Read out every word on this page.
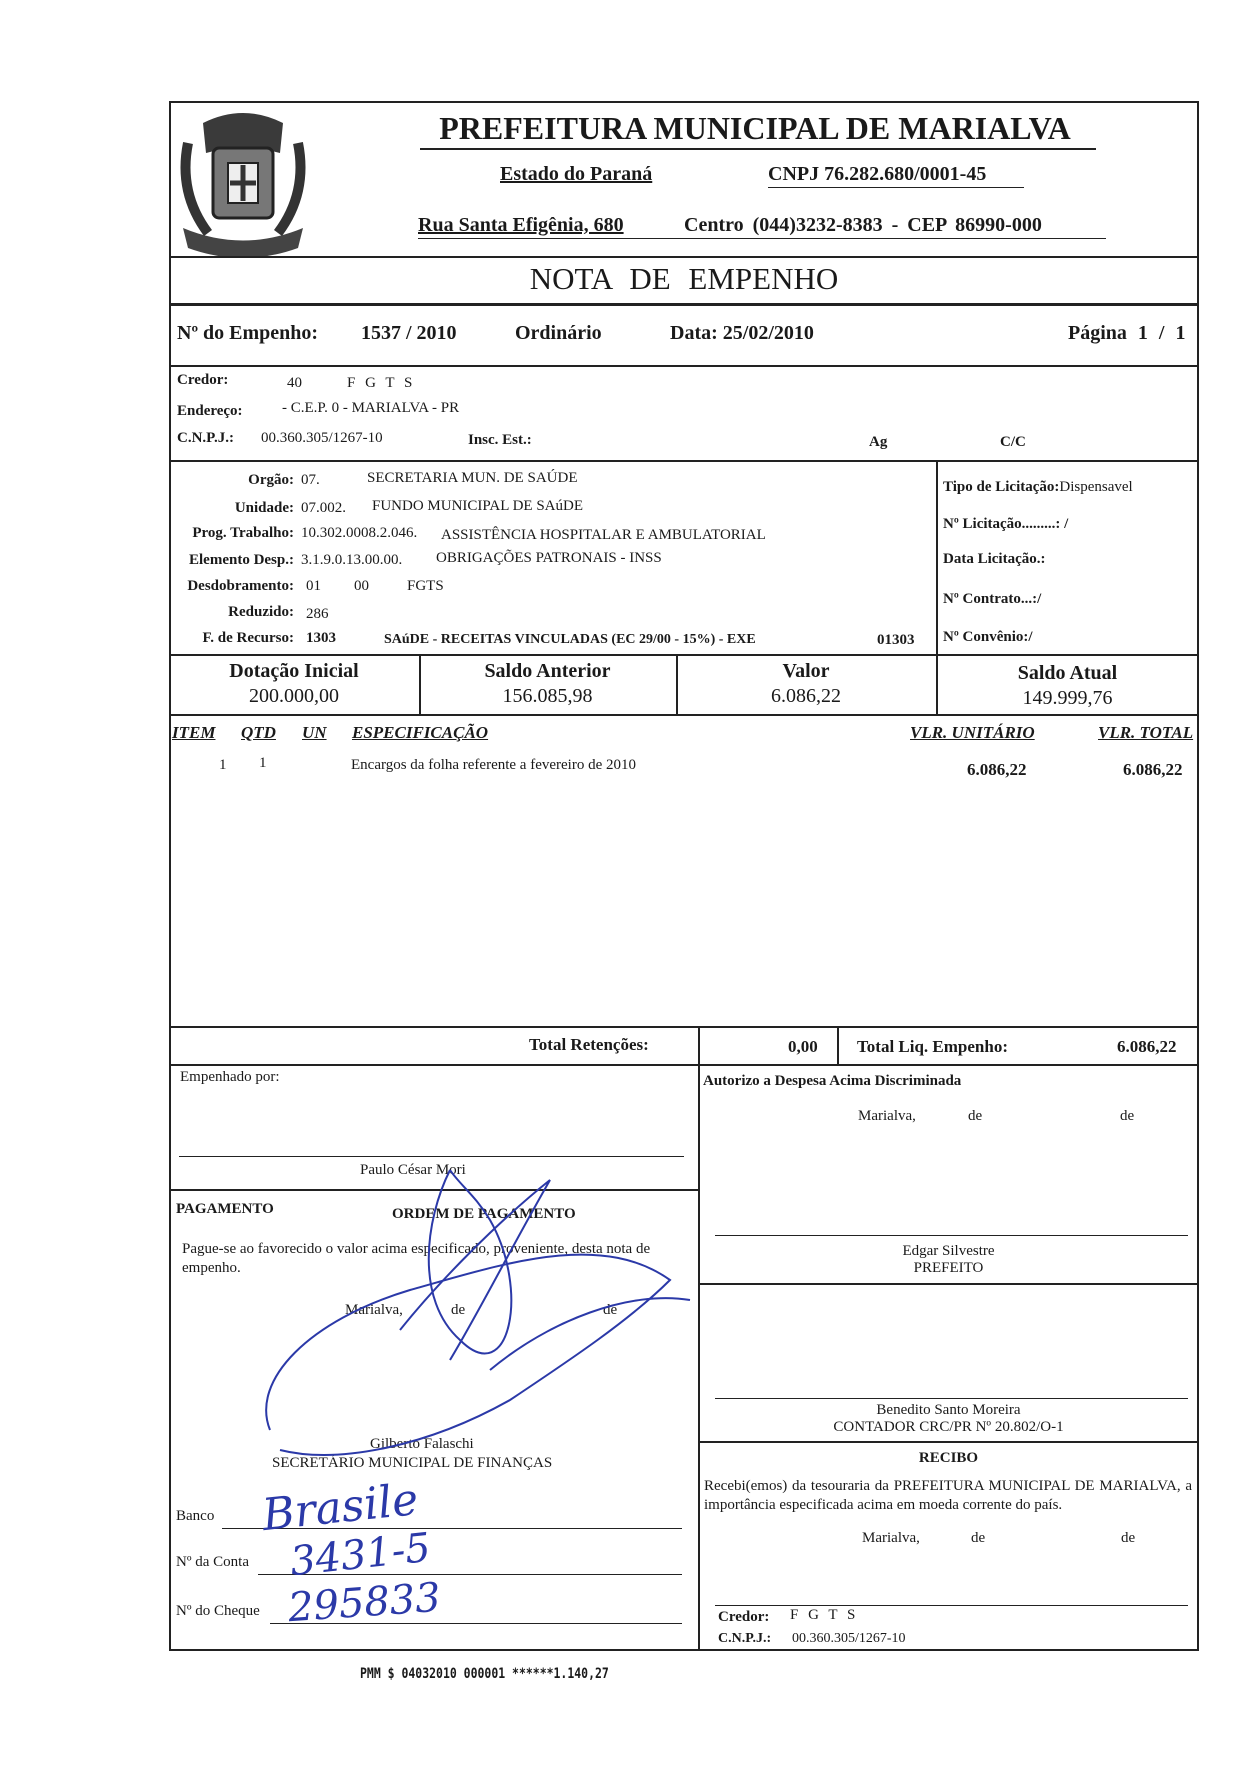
PREFEITURA MUNICIPAL DE MARIALVA
Estado do Paraná	CNPJ 76.282.680/0001-45
Rua Santa Efigênia, 680	Centro (044)3232-8383 - CEP 86990-000
NOTA DE EMPENHO
Nº do Empenho: 1537 / 2010	Ordinário	Data: 25/02/2010	Página 1 / 1
Credor:	40	F G T S
Endereço:	- C.E.P. 0 - MARIALVA - PR
C.N.P.J.: 00.360.305/1267-10	Insc. Est.:	Ag	C/C
Orgão: 07.	SECRETARIA MUN. DE SAÚDE
Unidade: 07.002. FUNDO MUNICIPAL DE SAúDE
Prog. Trabalho: 10.302.0008.2.046. ASSISTÊNCIA HOSPITALAR E AMBULATORIAL
Elemento Desp.: 3.1.9.0.13.00.00. OBRIGAÇÕES PATRONAIS - INSS
Desdobramento: 01 00	FGTS
Reduzido: 286
F. de Recurso: 1303	SAúDE - RECEITAS VINCULADAS (EC 29/00 - 15%) - EXE	01303
Tipo de Licitação:Dispensavel
Nº Licitação.........: /
Data Licitação.:
Nº Contrato...:/
Nº Convênio:/
Dotação Inicial
200.000,00
Saldo Anterior
156.085,98
Valor
6.086,22
Saldo Atual
149.999,76
ITEM QTD UN ESPECIFICAÇÃO	VLR. UNITÁRIO	VLR. TOTAL
1 1	Encargos da folha referente a fevereiro de 2010	6.086,22	6.086,22
Total Retenções:	0,00 Total Liq. Empenho:	6.086,22
Empenhado por:
Paulo César Mori
PAGAMENTO	ORDEM DE PAGAMENTO
Pague-se ao favorecido o valor acima especificado, proveniente, desta nota de empenho.
Marialva,	de	de
Gilberto Falaschi
SECRETÁRIO MUNICIPAL DE FINANÇAS
Banco
Nº da Conta
Nº do Cheque
Brasile
3431-5
295833
Autorizo a Despesa Acima Discriminada
Marialva,	de	de
Edgar Silvestre
PREFEITO
Benedito Santo Moreira
CONTADOR CRC/PR Nº 20.802/O-1
RECIBO
Recebi(emos) da tesouraria da PREFEITURA MUNICIPAL DE MARIALVA, a importância especificada acima em moeda corrente do país.
Marialva,	de	de
Credor: F G T S
C.N.P.J.: 00.360.305/1267-10
PMM $ 04032010 000001 ******1.140,27
